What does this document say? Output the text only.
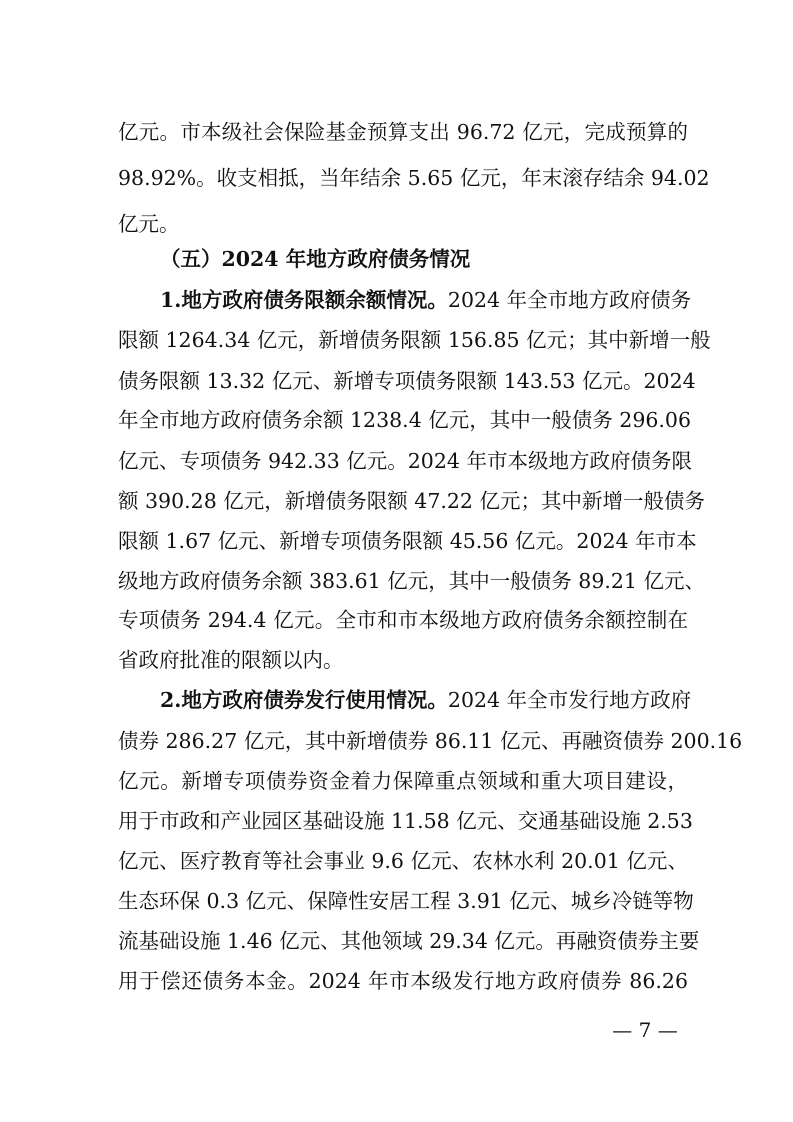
亿元。市本级社会保险基金预算支出 96.72 亿元，完成预算的
98.92%。收支相抵，当年结余 5.65 亿元，年末滚存结余 94.02
亿元。
（五）2024 年地方政府债务情况
1.地方政府债务限额余额情况。2024 年全市地方政府债务
限额 1264.34 亿元，新增债务限额 156.85 亿元；其中新增一般
债务限额 13.32 亿元、新增专项债务限额 143.53 亿元。2024
年全市地方政府债务余额 1238.4 亿元，其中一般债务 296.06
亿元、专项债务 942.33 亿元。2024 年市本级地方政府债务限
额 390.28 亿元，新增债务限额 47.22 亿元；其中新增一般债务
限额 1.67 亿元、新增专项债务限额 45.56 亿元。2024 年市本
级地方政府债务余额 383.61 亿元，其中一般债务 89.21 亿元、
专项债务 294.4 亿元。全市和市本级地方政府债务余额控制在
省政府批准的限额以内。
2.地方政府债券发行使用情况。2024 年全市发行地方政府
债券 286.27 亿元，其中新增债券 86.11 亿元、再融资债券 200.16
亿元。新增专项债券资金着力保障重点领域和重大项目建设，
用于市政和产业园区基础设施 11.58 亿元、交通基础设施 2.53
亿元、医疗教育等社会事业 9.6 亿元、农林水利 20.01 亿元、
生态环保 0.3 亿元、保障性安居工程 3.91 亿元、城乡冷链等物
流基础设施 1.46 亿元、其他领域 29.34 亿元。再融资债券主要
用于偿还债务本金。2024 年市本级发行地方政府债券 86.26
— 7 —
